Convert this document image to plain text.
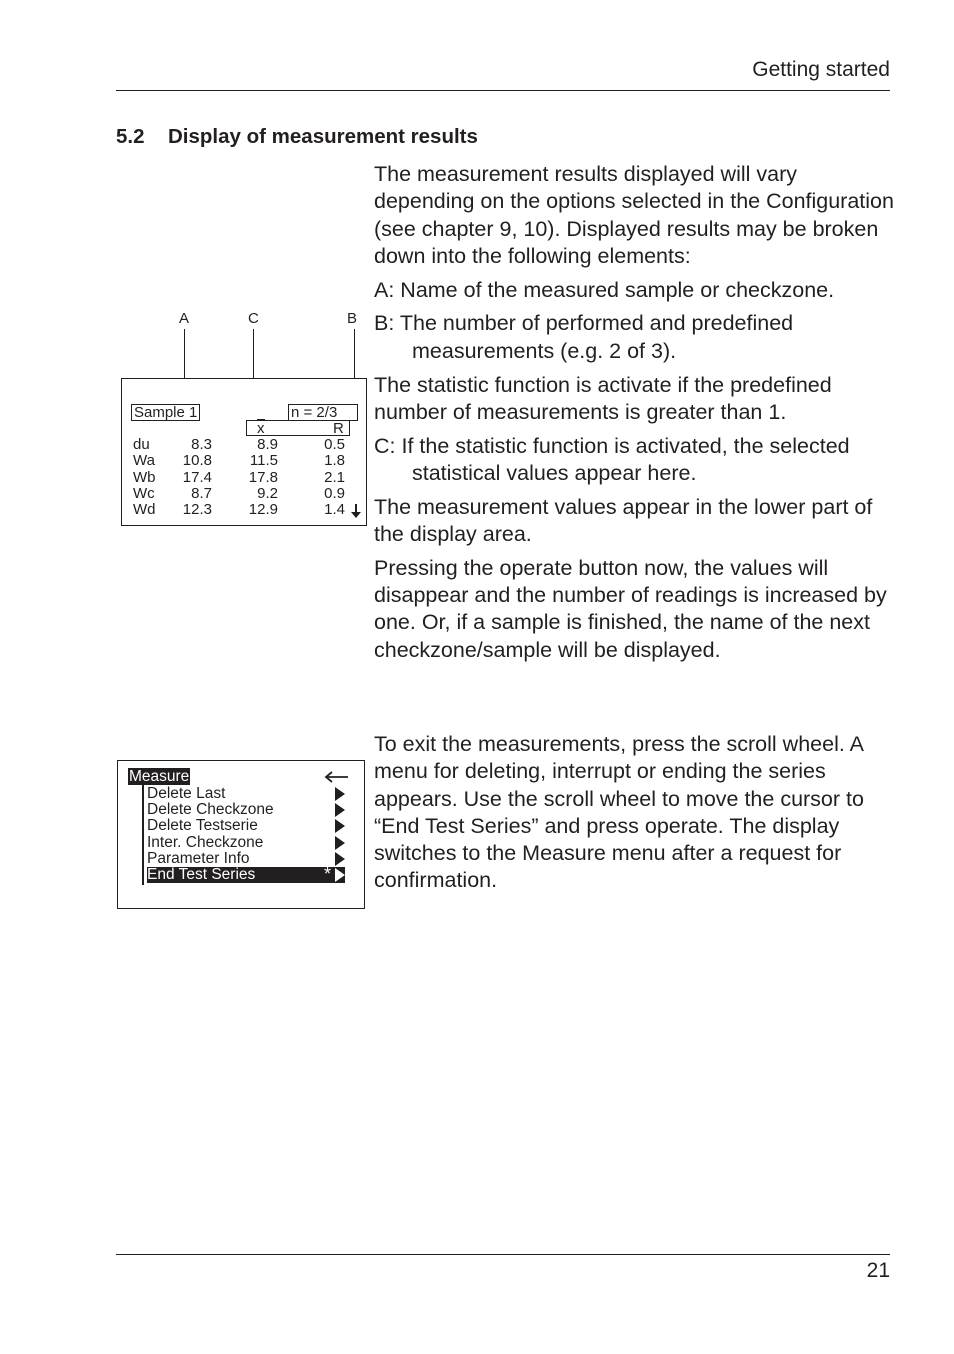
Getting started
5.2 Display of measurement results

The measurement results displayed will vary depending on the options selected in the Configuration (see chapter 9, 10). Displayed results may be broken down into the following elements:

A: Name of the measured sample or checkzone.

B: The number of performed and predefined measurements (e.g. 2 of 3).

The statistic function is activate if the predefined number of measurements is greater than 1.

C: If the statistic function is activated, the selected statistical values appear here.

The measurement values appear in the lower part of the display area.

Pressing the operate button now, the values will disappear and the number of readings is increased by one. Or, if a sample is finished, the name of the next checkzone/sample will be displayed.

To exit the measurements, press the scroll wheel. A menu for deleting, interrupt or ending the series appears. Use the scroll wheel to move the cursor to “End Test Series” and press operate. The display switches to the Measure menu after a request for confirmation.

A	C	B
Sample 1	n = 2/3
x	R
du	8.3	8.9	0.5
Wa 10.8	11.5	1.8
Wb 17.4 17.8	2.1
Wc 8.7	9.2	0.9
Wd 12.3 12.9	1.4
Measure
Delete Last
Delete Checkzone
Delete Testserie
Inter. Checkzone
Parameter Info
End Test Series	*
21
